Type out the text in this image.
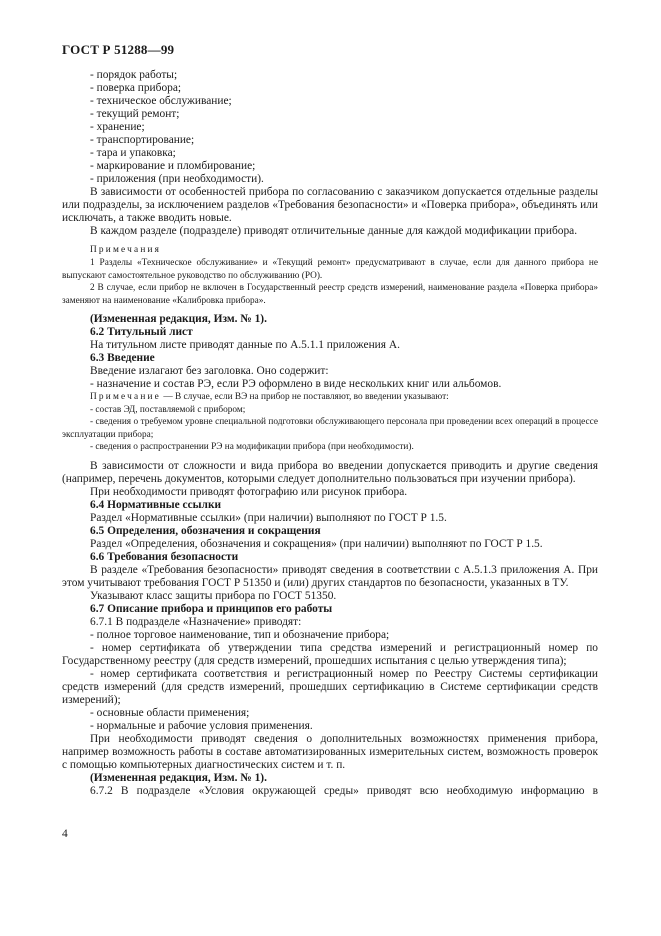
ГОСТ Р 51288—99
- порядок работы;
- поверка прибора;
- техническое обслуживание;
- текущий ремонт;
- хранение;
- транспортирование;
- тара и упаковка;
- маркирование и пломбирование;
- приложения (при необходимости).
В зависимости от особенностей прибора по согласованию с заказчиком допускается отдельные разделы или подразделы, за исключением разделов «Требования безопасности» и «Поверка прибора», объединять или исключать, а также вводить новые.
В каждом разделе (подразделе) приводят отличительные данные для каждой модификации прибора.
Примечания
1 Разделы «Техническое обслуживание» и «Текущий ремонт» предусматривают в случае, если для данного прибора не выпускают самостоятельное руководство по обслуживанию (РО).
2 В случае, если прибор не включен в Государственный реестр средств измерений, наименование раздела «Поверка прибора» заменяют на наименование «Калибровка прибора».
(Измененная редакция, Изм. № 1).
6.2 Титульный лист
На титульном листе приводят данные по А.5.1.1 приложения А.
6.3 Введение
Введение излагают без заголовка. Оно содержит:
- назначение и состав РЭ, если РЭ оформлено в виде нескольких книг или альбомов.
Примечание — В случае, если ВЭ на прибор не поставляют, во введении указывают:
- состав ЭД, поставляемой с прибором;
- сведения о требуемом уровне специальной подготовки обслуживающего персонала при проведении всех операций в процессе эксплуатации прибора;
- сведения о распространении РЭ на модификации прибора (при необходимости).
В зависимости от сложности и вида прибора во введении допускается приводить и другие сведения (например, перечень документов, которыми следует дополнительно пользоваться при изучении прибора).
При необходимости приводят фотографию или рисунок прибора.
6.4 Нормативные ссылки
Раздел «Нормативные ссылки» (при наличии) выполняют по ГОСТ Р 1.5.
6.5 Определения, обозначения и сокращения
Раздел «Определения, обозначения и сокращения» (при наличии) выполняют по ГОСТ Р 1.5.
6.6 Требования безопасности
В разделе «Требования безопасности» приводят сведения в соответствии с А.5.1.3 приложения А. При этом учитывают требования ГОСТ Р 51350 и (или) других стандартов по безопасности, указанных в ТУ.
Указывают класс защиты прибора по ГОСТ 51350.
6.7 Описание прибора и принципов его работы
6.7.1 В подразделе «Назначение» приводят:
- полное торговое наименование, тип и обозначение прибора;
- номер сертификата об утверждении типа средства измерений и регистрационный номер по Государственному реестру (для средств измерений, прошедших испытания с целью утверждения типа);
- номер сертификата соответствия и регистрационный номер по Реестру Системы сертификации средств измерений (для средств измерений, прошедших сертификацию в Системе сертификации средств измерений);
- основные области применения;
- нормальные и рабочие условия применения.
При необходимости приводят сведения о дополнительных возможностях применения прибора, например возможность работы в составе автоматизированных измерительных систем, возможность проверок с помощью компьютерных диагностических систем и т. п.
(Измененная редакция, Изм. № 1).
6.7.2 В подразделе «Условия окружающей среды» приводят всю необходимую информацию в
4
